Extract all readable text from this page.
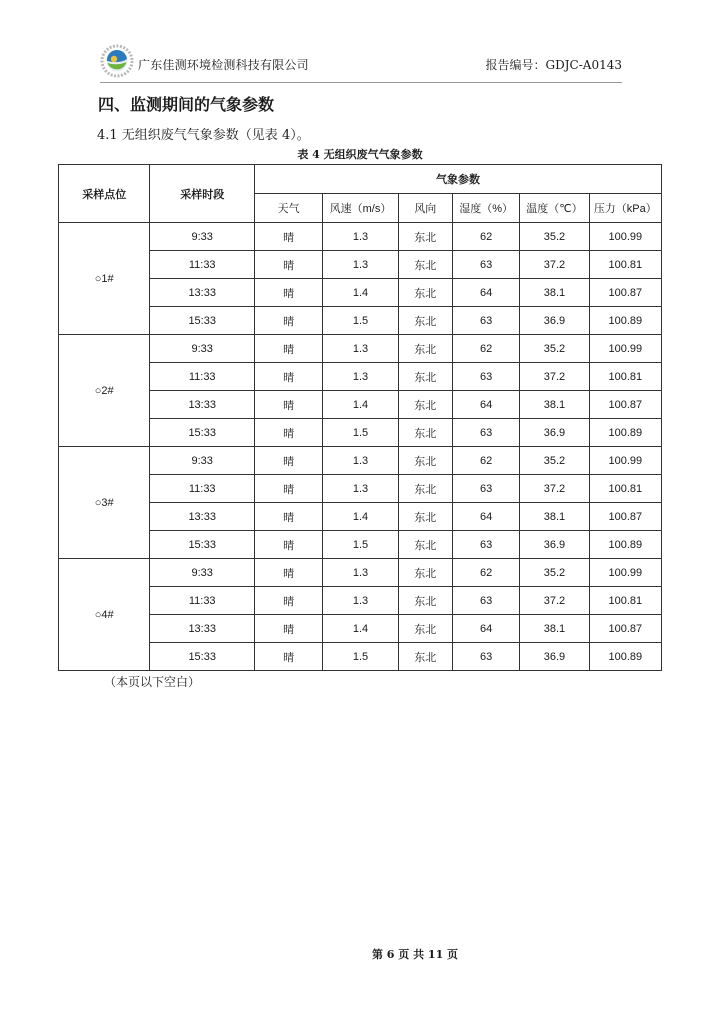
广东佳测环境检测科技有限公司	报告编号：GDJC-A0143
四、监测期间的气象参数
4.1 无组织废气气象参数（见表 4）。
表 4 无组织废气气象参数
采样点位	采样时段	气象参数					
		天气	风速（m/s）	风向	湿度（%）	温度（℃）	压力（kPa）
○1#	9:33	晴	1.3	东北	62	35.2	100.99
	11:33	晴	1.3	东北	63	37.2	100.81
	13:33	晴	1.4	东北	64	38.1	100.87
	15:33	晴	1.5	东北	63	36.9	100.89
○2#	9:33	晴	1.3	东北	62	35.2	100.99
	11:33	晴	1.3	东北	63	37.2	100.81
	13:33	晴	1.4	东北	64	38.1	100.87
	15:33	晴	1.5	东北	63	36.9	100.89
○3#	9:33	晴	1.3	东北	62	35.2	100.99
	11:33	晴	1.3	东北	63	37.2	100.81
	13:33	晴	1.4	东北	64	38.1	100.87
	15:33	晴	1.5	东北	63	36.9	100.89
○4#	9:33	晴	1.3	东北	62	35.2	100.99
	11:33	晴	1.3	东北	63	37.2	100.81
	13:33	晴	1.4	东北	64	38.1	100.87
	15:33	晴	1.5	东北	63	36.9	100.89
（本页以下空白）
第 6 页 共 11 页
